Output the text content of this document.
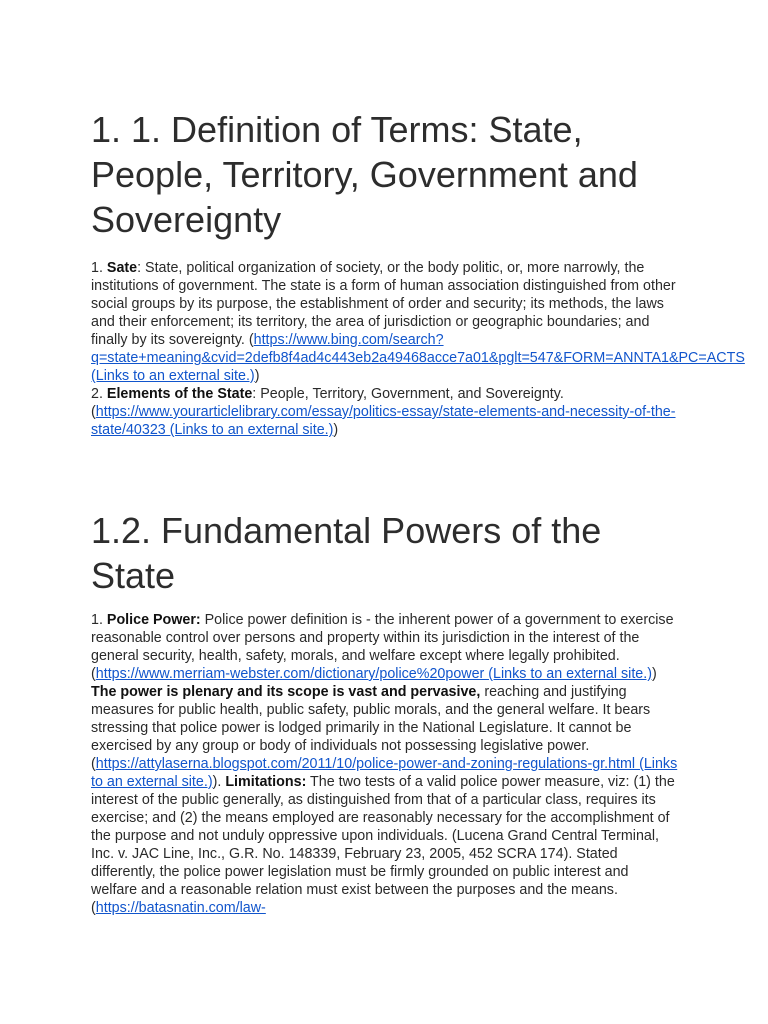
1. 1. Definition of Terms: State, People, Territory, Government and Sovereignty

1. Sate: State, political organization of society, or the body politic, or, more narrowly, the institutions of government. The state is a form of human association distinguished from other social groups by its purpose, the establishment of order and security; its methods, the laws and their enforcement; its territory, the area of jurisdiction or geographic boundaries; and finally by its sovereignty. (https://www.bing.com/search?q=state+meaning&cvid=2defb8f4ad4c443eb2a49468acce7a01&pglt=547&FORM=ANNTA1&PC=ACTS (Links to an external site.))

2. Elements of the State: People, Territory, Government, and Sovereignty. (https://www.yourarticlelibrary.com/essay/politics-essay/state-elements-and-necessity-of-the-state/40323 (Links to an external site.))

1.2. Fundamental Powers of the State

1. Police Power: Police power definition is - the inherent power of a government to exercise reasonable control over persons and property within its jurisdiction in the interest of the general security, health, safety, morals, and welfare except where legally prohibited. (https://www.merriam-webster.com/dictionary/police%20power (Links to an external site.)) The power is plenary and its scope is vast and pervasive, reaching and justifying measures for public health, public safety, public morals, and the general welfare. It bears stressing that police power is lodged primarily in the National Legislature. It cannot be exercised by any group or body of individuals not possessing legislative power. (https://attylaserna.blogspot.com/2011/10/police-power-and-zoning-regulations-gr.html (Links to an external site.)). Limitations: The two tests of a valid police power measure, viz: (1) the interest of the public generally, as distinguished from that of a particular class, requires its exercise; and (2) the means employed are reasonably necessary for the accomplishment of the purpose and not unduly oppressive upon individuals. (Lucena Grand Central Terminal, Inc. v. JAC Line, Inc., G.R. No. 148339, February 23, 2005, 452 SCRA 174). Stated differently, the police power legislation must be firmly grounded on public interest and welfare and a reasonable relation must exist between the purposes and the means. (https://batasnatin.com/law-
